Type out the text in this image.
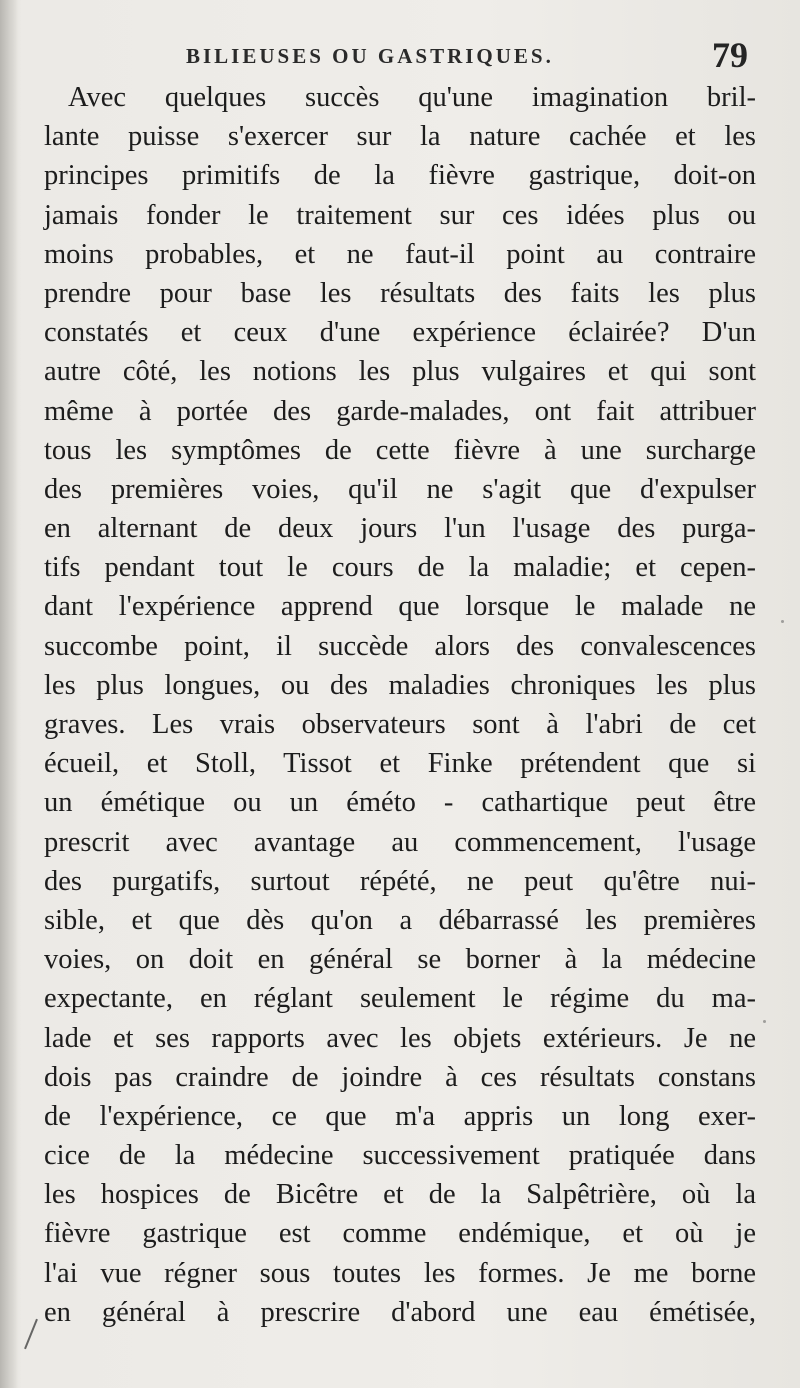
BILIEUSES OU GASTRIQUES.	79
Avec quelques succès qu'une imagination bril-
lante puisse s'exercer sur la nature cachée et les
principes primitifs de la fièvre gastrique, doit-on
jamais fonder le traitement sur ces idées plus ou
moins probables, et ne faut-il point au contraire
prendre pour base les résultats des faits les plus
constatés et ceux d'une expérience éclairée? D'un
autre côté, les notions les plus vulgaires et qui sont
même à portée des garde-malades, ont fait attribuer
tous les symptômes de cette fièvre à une surcharge
des premières voies, qu'il ne s'agit que d'expulser
en alternant de deux jours l'un l'usage des purga-
tifs pendant tout le cours de la maladie; et cepen-
dant l'expérience apprend que lorsque le malade ne
succombe point, il succède alors des convalescences
les plus longues, ou des maladies chroniques les plus
graves. Les vrais observateurs sont à l'abri de cet
écueil, et Stoll, Tissot et Finke prétendent que si
un émétique ou un éméto - cathartique peut être
prescrit avec avantage au commencement, l'usage
des purgatifs, surtout répété, ne peut qu'être nui-
sible, et que dès qu'on a débarrassé les premières
voies, on doit en général se borner à la médecine
expectante, en réglant seulement le régime du ma-
lade et ses rapports avec les objets extérieurs. Je ne
dois pas craindre de joindre à ces résultats constans
de l'expérience, ce que m'a appris un long exer-
cice de la médecine successivement pratiquée dans
les hospices de Bicêtre et de la Salpêtrière, où la
fièvre gastrique est comme endémique, et où je
l'ai vue régner sous toutes les formes. Je me borne
en général à prescrire d'abord une eau émétisée,
